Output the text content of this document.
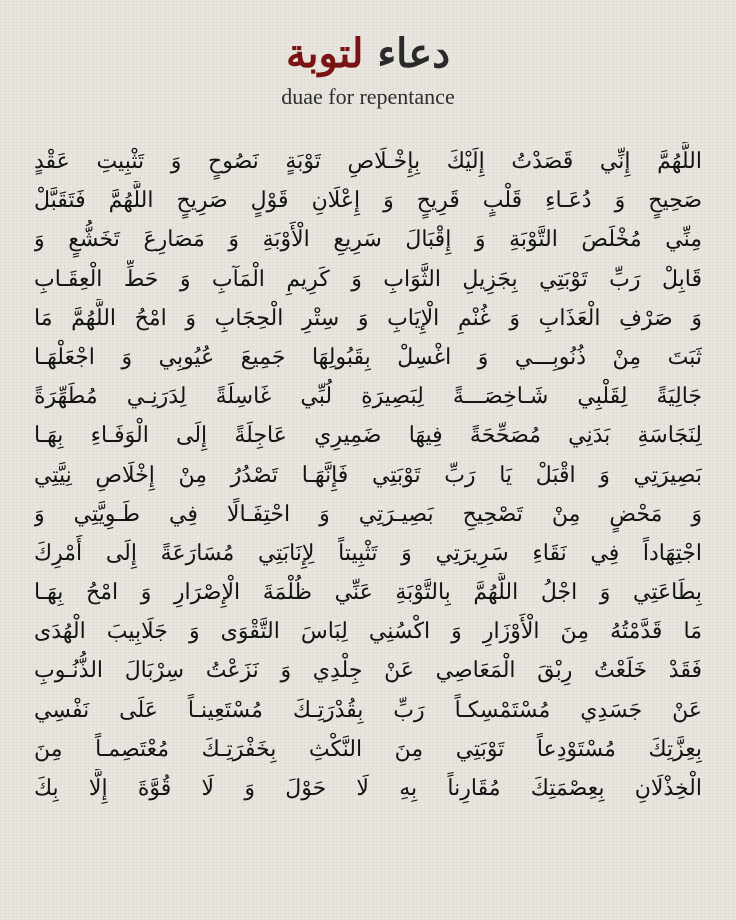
دعاء لتوبة
duae for repentance
اللَّهُمَّ إِنِّي قَصَدْتُ إِلَيْكَ بِإِخْـلَاصِ تَوْبَةٍ نَصُوحٍ وَ تَثْبِيتِ عَقْدٍ
صَحِيحٍ وَ دُعَـاءِ قَلْبٍ قَرِيحٍ وَ إِعْلَانِ قَوْلٍ صَرِيحٍ اللَّهُمَّ فَتَقَبَّلْ
مِنِّي مُخْلَصَ التَّوْبَةِ وَ إِقْبَالَ سَرِيعِ الْأَوْبَةِ وَ مَصَارِعَ تَخَشُّعٍ وَ
قَابِلْ رَبِّ تَوْبَتِي بِجَزِيلِ الثَّوَابِ وَ كَرِيمِ الْمَآبِ وَ حَطِّ الْعِقَـابِ
وَ صَرْفِ الْعَذَابِ وَ غُنْمِ الْإِيَابِ وَ سِتْرِ الْحِجَابِ وَ امْحُ اللَّهُمَّ مَا
ثَبَتَ مِنْ ذُنُوبِـــي وَ اغْسِلْ بِقَبُولِهَا جَمِيعَ عُيُوبِي وَ اجْعَلْهَـا
جَالِيَةً لِقَلْبِي شَـاخِصَـــةً لِبَصِيرَةِ لُبِّي غَاسِلَةً لِدَرَنِـي مُطَهِّرَةً
لِنَجَاسَةِ بَدَنِي مُصَحِّحَةً فِيهَا ضَمِيرِي عَاجِلَةً إِلَى الْوَفَـاءِ بِهَـا
بَصِيرَتِي وَ اقْبَلْ يَا رَبِّ تَوْبَتِي فَإِنَّهَـا تَصْدُرُ مِنْ إِخْلَاصِ نِيَّتِي
وَ مَحْضٍ مِنْ تَصْحِيحِ بَصِيـرَتِي وَ احْتِفَـالًا فِي طَـوِيَّتِي وَ
اجْتِهَاداً فِي نَقَاءِ سَرِيرَتِي وَ تَثْبِيتاً لِإِنَابَتِي مُسَارَعَةً إِلَى أَمْرِكَ
بِطَاعَتِي وَ اجْلُ اللَّهُمَّ بِالتَّوْبَةِ عَنِّي ظُلْمَةَ الْإِصْرَارِ وَ امْحُ بِهَـا
مَا قَدَّمْتُهُ مِنَ الْأَوْزَارِ وَ اكْسُنِي لِبَاسَ التَّقْوَى وَ جَلَابِيبَ الْهُدَى
فَقَدْ خَلَعْتُ رِبْقَ الْمَعَاصِي عَنْ جِلْدِي وَ نَزَعْتُ سِرْبَالَ الذُّنُـوبِ
عَنْ جَسَدِي مُسْتَمْسِكـاً رَبِّ بِقُدْرَتِـكَ مُسْتَعِينـاً عَلَى نَفْسِي
بِعِزَّتِكَ مُسْتَوْدِعاً تَوْبَتِي مِنَ النَّكْثِ بِخَفْرَتِـكَ مُعْتَصِمـاً مِنَ
الْخِذْلَانِ بِعِصْمَتِكَ مُقَارِناً بِهِ لَا حَوْلَ وَ لَا قُوَّةَ إِلَّا بِكَ
